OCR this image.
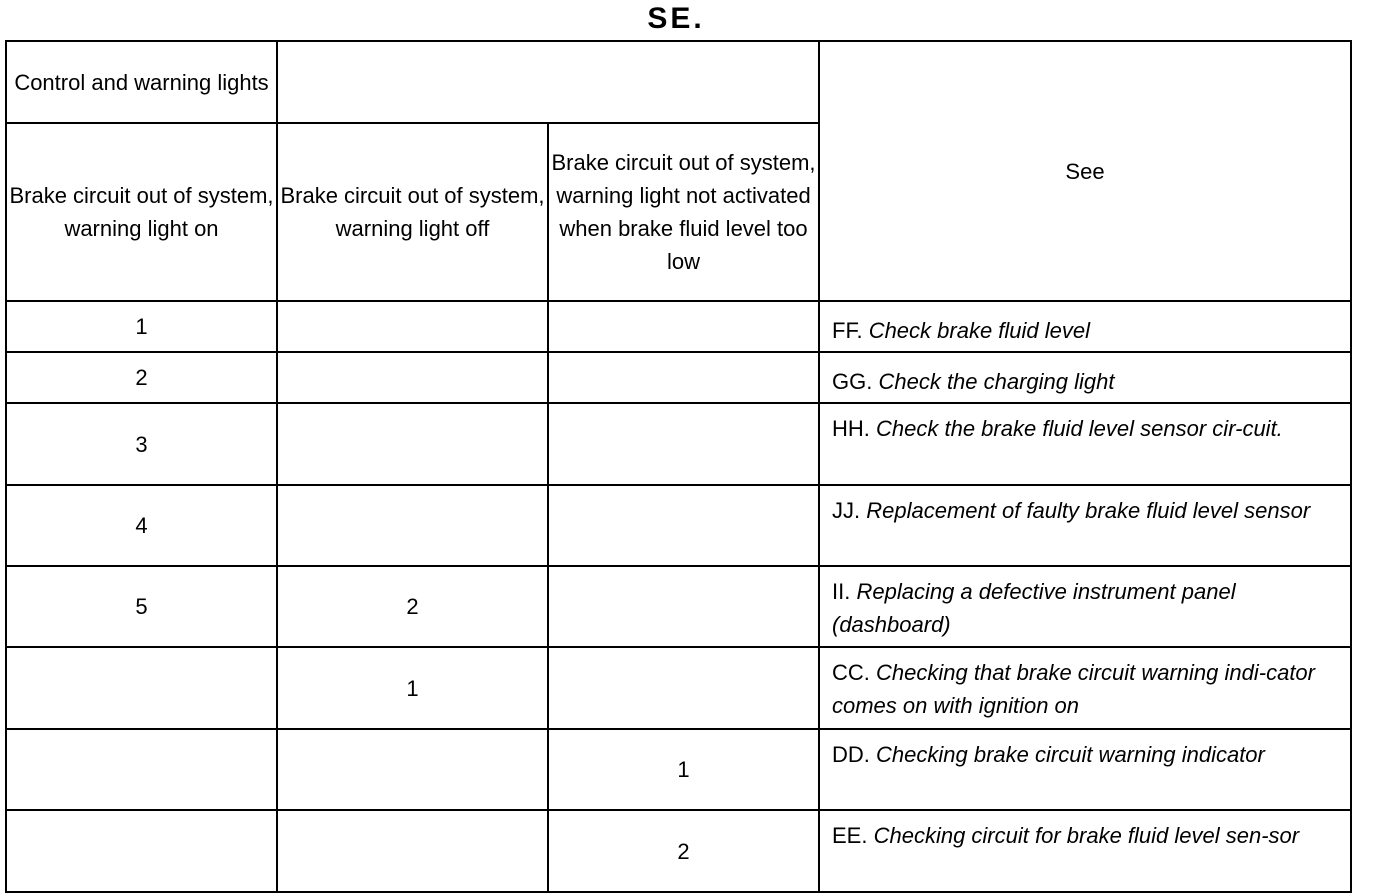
SE.
Control and warning lights			See
Brake circuit out of system, warning light on	Brake circuit out of system, warning light off	Brake circuit out of system, warning light not activated when brake fluid level too low	
1			FF. Check brake fluid level
2			GG. Check the charging light
3			HH. Check the brake fluid level sensor cir-cuit.
4			JJ. Replacement of faulty brake fluid level sensor
5	2		II. Replacing a defective instrument panel (dashboard)
	1		CC. Checking that brake circuit warning indi-cator comes on with ignition on
		1	DD. Checking brake circuit warning indicator
		2	EE. Checking circuit for brake fluid level sen-sor
